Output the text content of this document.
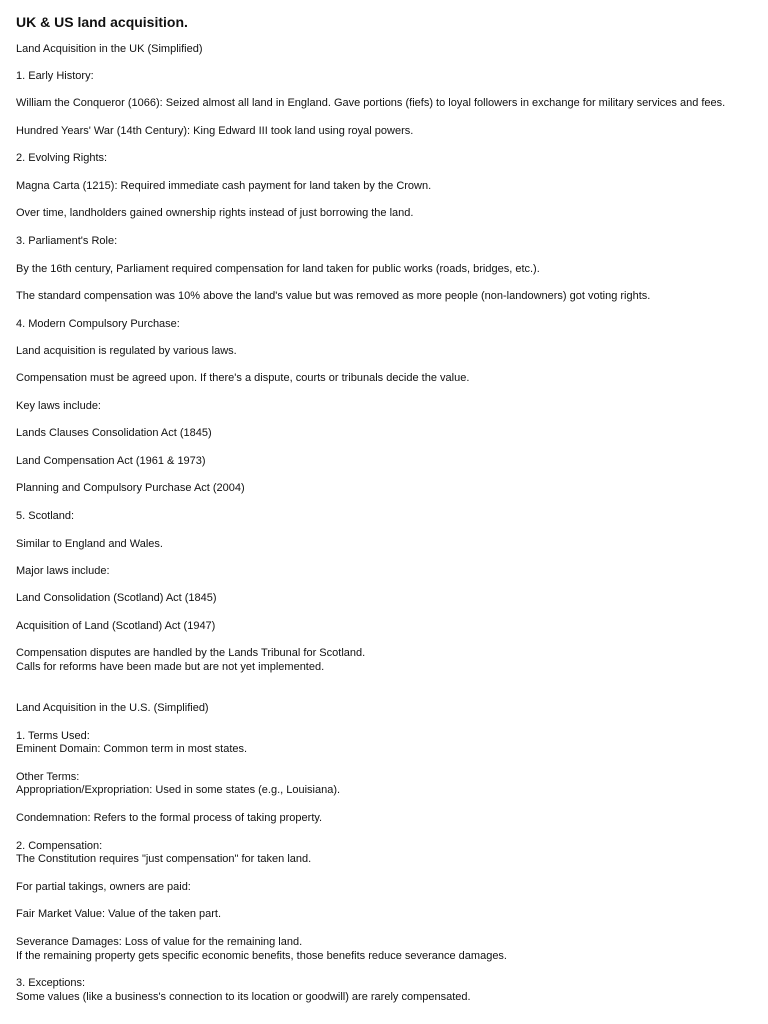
UK & US land acquisition.
Land Acquisition in the UK (Simplified)
1. Early History:
William the Conqueror (1066): Seized almost all land in England. Gave portions (fiefs) to loyal followers in exchange for military services and fees.
Hundred Years' War (14th Century): King Edward III took land using royal powers.
2. Evolving Rights:
Magna Carta (1215): Required immediate cash payment for land taken by the Crown.
Over time, landholders gained ownership rights instead of just borrowing the land.
3. Parliament's Role:
By the 16th century, Parliament required compensation for land taken for public works (roads, bridges, etc.).
The standard compensation was 10% above the land's value but was removed as more people (non-landowners) got voting rights.
4. Modern Compulsory Purchase:
Land acquisition is regulated by various laws.
Compensation must be agreed upon. If there's a dispute, courts or tribunals decide the value.
Key laws include:
Lands Clauses Consolidation Act (1845)
Land Compensation Act (1961 & 1973)
Planning and Compulsory Purchase Act (2004)
5. Scotland:
Similar to England and Wales.
Major laws include:
Land Consolidation (Scotland) Act (1845)
Acquisition of Land (Scotland) Act (1947)
Compensation disputes are handled by the Lands Tribunal for Scotland.
Calls for reforms have been made but are not yet implemented.
Land Acquisition in the U.S. (Simplified)
1. Terms Used:
Eminent Domain: Common term in most states.
Other Terms:
Appropriation/Expropriation: Used in some states (e.g., Louisiana).
Condemnation: Refers to the formal process of taking property.
2. Compensation:
The Constitution requires "just compensation" for taken land.
For partial takings, owners are paid:
Fair Market Value: Value of the taken part.
Severance Damages: Loss of value for the remaining land.
If the remaining property gets specific economic benefits, those benefits reduce severance damages.
3. Exceptions:
Some values (like a business's connection to its location or goodwill) are rarely compensated.
